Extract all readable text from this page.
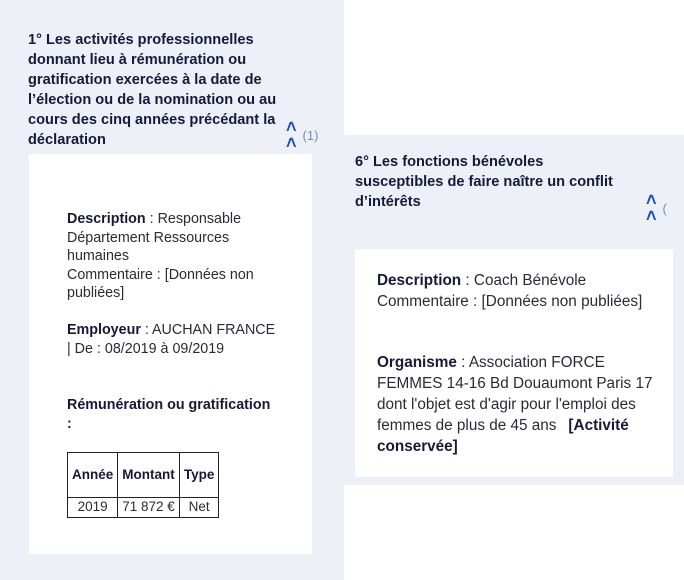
1° Les activités professionnelles donnant lieu à rémunération ou gratification exercées à la date de l’élection ou de la nomination ou au cours des cinq années précédant la déclaration

˄
˄ (1)

Description : Responsable Département Ressources humaines
Commentaire : [Données non publiées]

Employeur : AUCHAN FRANCE | De : 08/2019 à 09/2019

Rémunération ou gratification :

Année	Montant	Type
2019	71 872 €	Net

6° Les fonctions bénévoles susceptibles de faire naître un conflit d’intérêts

Description : Coach Bénévole
Commentaire : [Données non publiées]

Organisme : Association FORCE FEMMES 14-16 Bd Douaumont Paris 17 dont l'objet est d'agir pour l'emploi des femmes de plus de 45 ans [Activité conservée]

˄
˄ (
